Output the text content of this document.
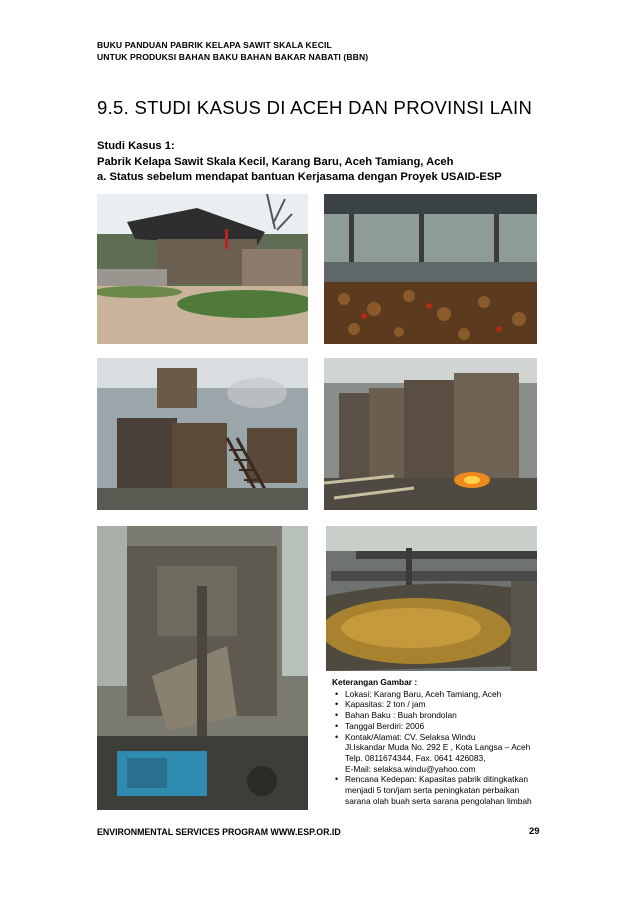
BUKU PANDUAN PABRIK KELAPA SAWIT SKALA KECIL
UNTUK PRODUKSI BAHAN BAKU BAHAN BAKAR NABATI (BBN)
9.5. STUDI KASUS DI ACEH DAN PROVINSI LAIN
Studi Kasus 1:
Pabrik Kelapa Sawit Skala Kecil, Karang Baru, Aceh Tamiang, Aceh
a. Status sebelum mendapat bantuan Kerjasama dengan Proyek USAID-ESP
Keterangan Gambar :
• Lokasi: Karang Baru, Aceh Tamiang, Aceh
• Kapasitas: 2 ton / jam
• Bahan Baku : Buah brondolan
• Tanggal Berdiri: 2006
• Kontak/Alamat: CV. Selaksa Windu
Jl.Iskandar Muda No. 292 E , Kota Langsa – Aceh
Telp. 0811674344, Fax. 0641 426083,
E-Mail: selaksa.windu@yahoo.com
• Rencana Kedepan: Kapasitas pabrik ditingkatkan
menjadi 5 ton/jam serta peningkatan perbaikan
sarana olah buah serta sarana pengolahan limbah
ENVIRONMENTAL SERVICES PROGRAM WWW.ESP.OR.ID	29
